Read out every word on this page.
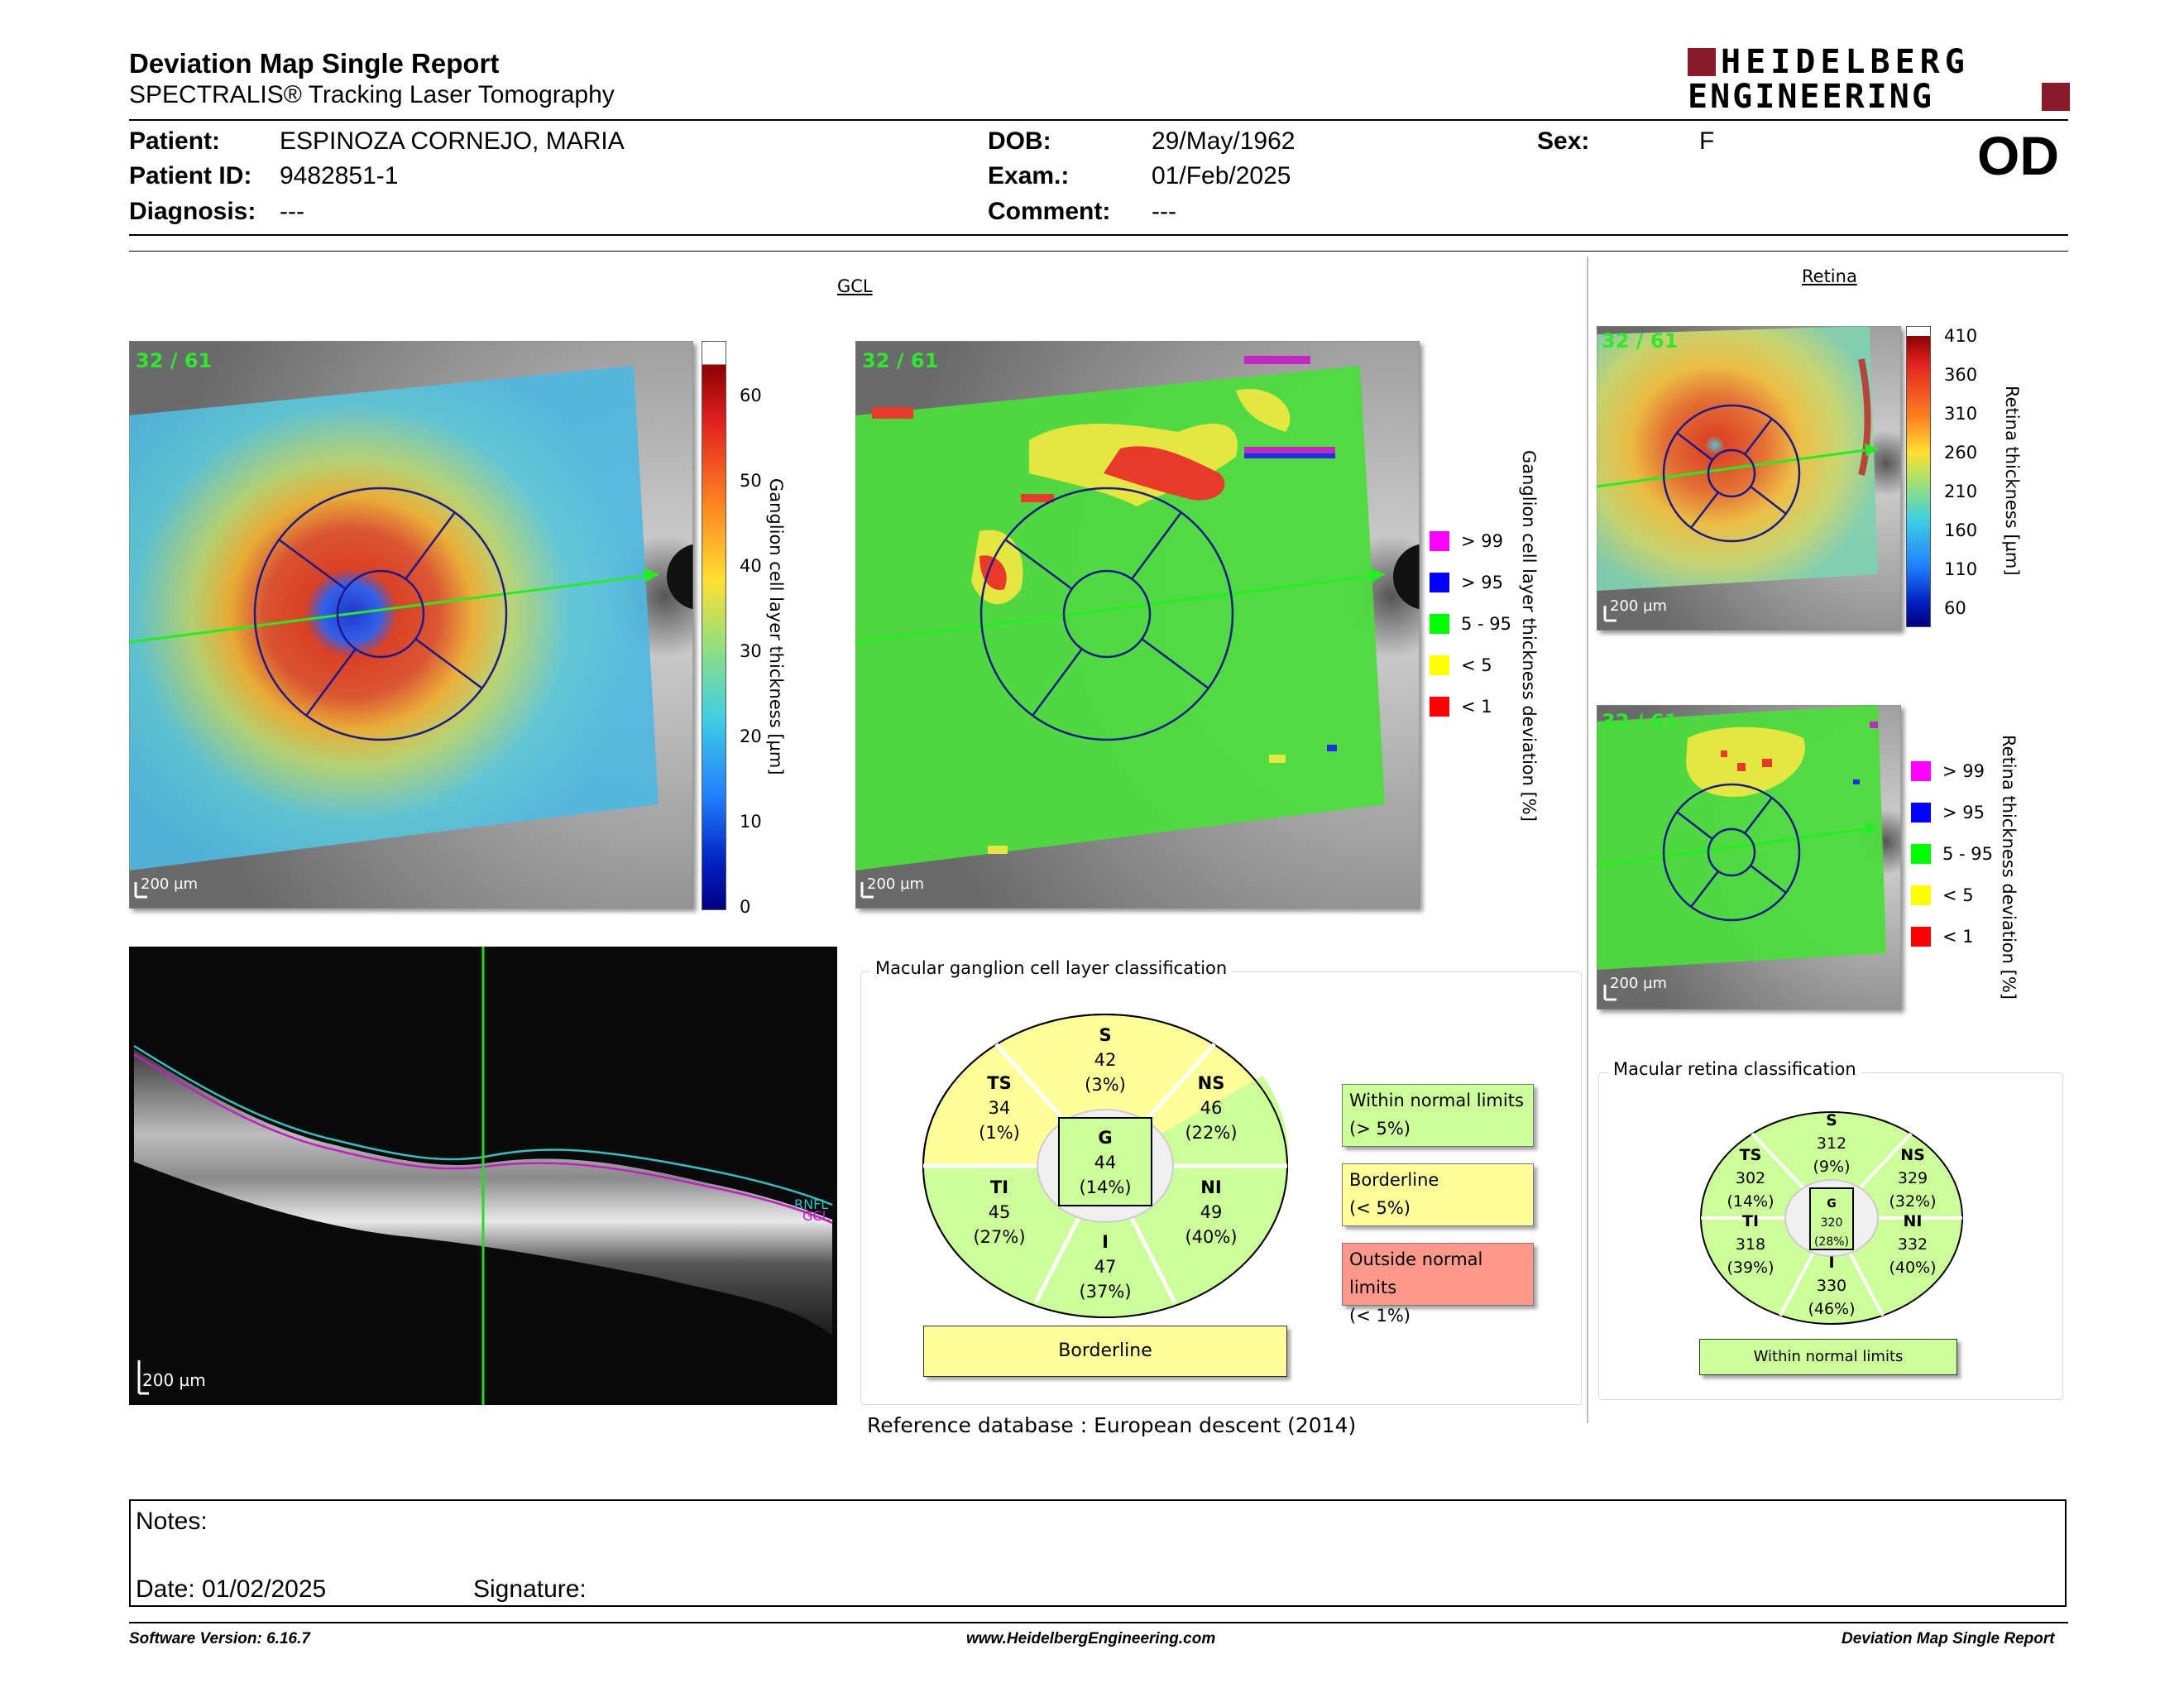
Deviation Map Single Report
SPECTRALIS® Tracking Laser Tomography
HEIDELBERG
ENGINEERING
OD
Patient: ESPINOZA CORNEJO, MARIA
Patient ID: 9482851-1
Diagnosis: ---
DOB:	29/May/1962
Exam.:	01/Feb/2025
Comment: ---
Sex:	F
GCL	Retina
32 / 61
200 µm
60
50
40
30
20
10
0
Ganglion cell layer thickness [µm]
32 / 61
200 µm
> 99
> 95
5 - 95
< 5
< 1 Ganglion cell layer thickness deviation [%]
32 / 61
200 µm
410
360
310
260
210
160
110
60
Retina thickness [µm]
32 / 61
200 µm
> 99
> 95
5 - 95
< 5
< 1 Retina thickness deviation [%]
RNFL
GCL
200 µm
Macular ganglion cell layer classification
S
42
(3%)
TS
34
(1%)
NS
46
(22%)
G
44
(14%)
TI
45
(27%)
NI
49
(40%)
I
47
(37%)
Borderline
Within normal limits
(> 5%)
Borderline
(< 5%)
Outside normal limits
(< 1%)
Macular retina classification
S
312
(9%)
TS
302
(14%)
NS
329
(32%)
G
320
(28%)
TI
318
(39%)
NI
332
(40%)
I
330
(46%)
Within normal limits
Reference database : European descent (2014)
Notes:
Date: 01/02/2025	Signature:
Software Version: 6.16.7	www.HeidelbergEngineering.com	Deviation Map Single Report
